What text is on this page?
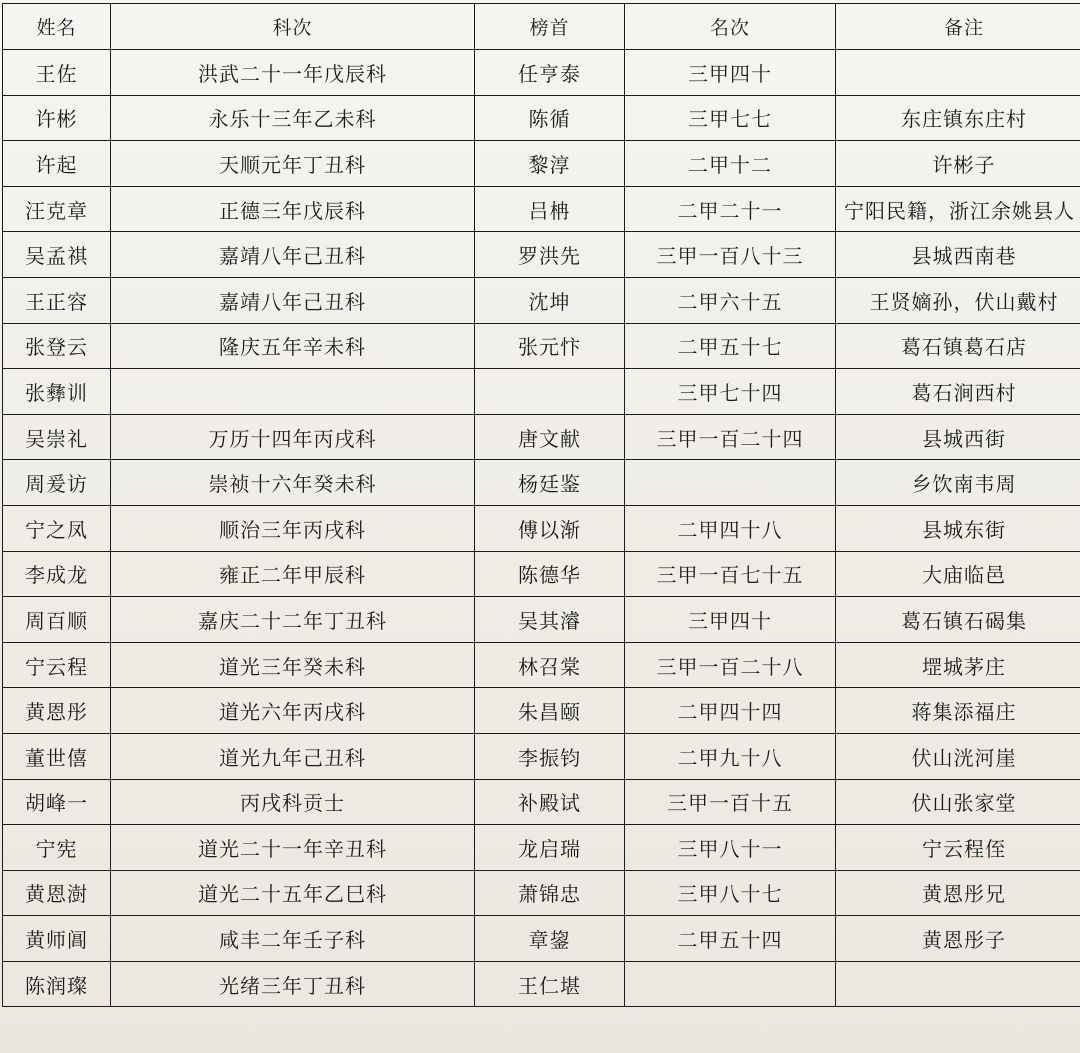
姓名	科次	榜首	名次	备注
王佐	洪武二十一年戊辰科	任亨泰	三甲四十	
许彬	永乐十三年乙未科	陈循	三甲七七	东庄镇东庄村
许起	天顺元年丁丑科	黎淳	二甲十二	许彬子
汪克章	正德三年戊辰科	吕柟	二甲二十一	宁阳民籍，浙江余姚县人
吴孟祺	嘉靖八年己丑科	罗洪先	三甲一百八十三	县城西南巷
王正容	嘉靖八年己丑科	沈坤	二甲六十五	王贤嫡孙，伏山戴村
张登云	隆庆五年辛未科	张元忭	二甲五十七	葛石镇葛石店
张彝训			三甲七十四	葛石涧西村
吴崇礼	万历十四年丙戌科	唐文献	三甲一百二十四	县城西街
周爰访	崇祯十六年癸未科	杨廷鉴		乡饮南韦周
宁之凤	顺治三年丙戌科	傅以渐	二甲四十八	县城东街
李成龙	雍正二年甲辰科	陈德华	三甲一百七十五	大庙临邑
周百顺	嘉庆二十二年丁丑科	吴其濬	三甲四十	葛石镇石碣集
宁云程	道光三年癸未科	林召棠	三甲一百二十八	堽城茅庄
黄恩彤	道光六年丙戌科	朱昌颐	二甲四十四	蒋集添福庄
董世僖	道光九年己丑科	李振钧	二甲九十八	伏山洸河崖
胡峰一	丙戌科贡士	补殿试	三甲一百十五	伏山张家堂
宁宪	道光二十一年辛丑科	龙启瑞	三甲八十一	宁云程侄
黄恩澍	道光二十五年乙巳科	萧锦忠	三甲八十七	黄恩彤兄
黄师阊	咸丰二年壬子科	章鋆	二甲五十四	黄恩彤子
陈润璨	光绪三年丁丑科	王仁堪		
